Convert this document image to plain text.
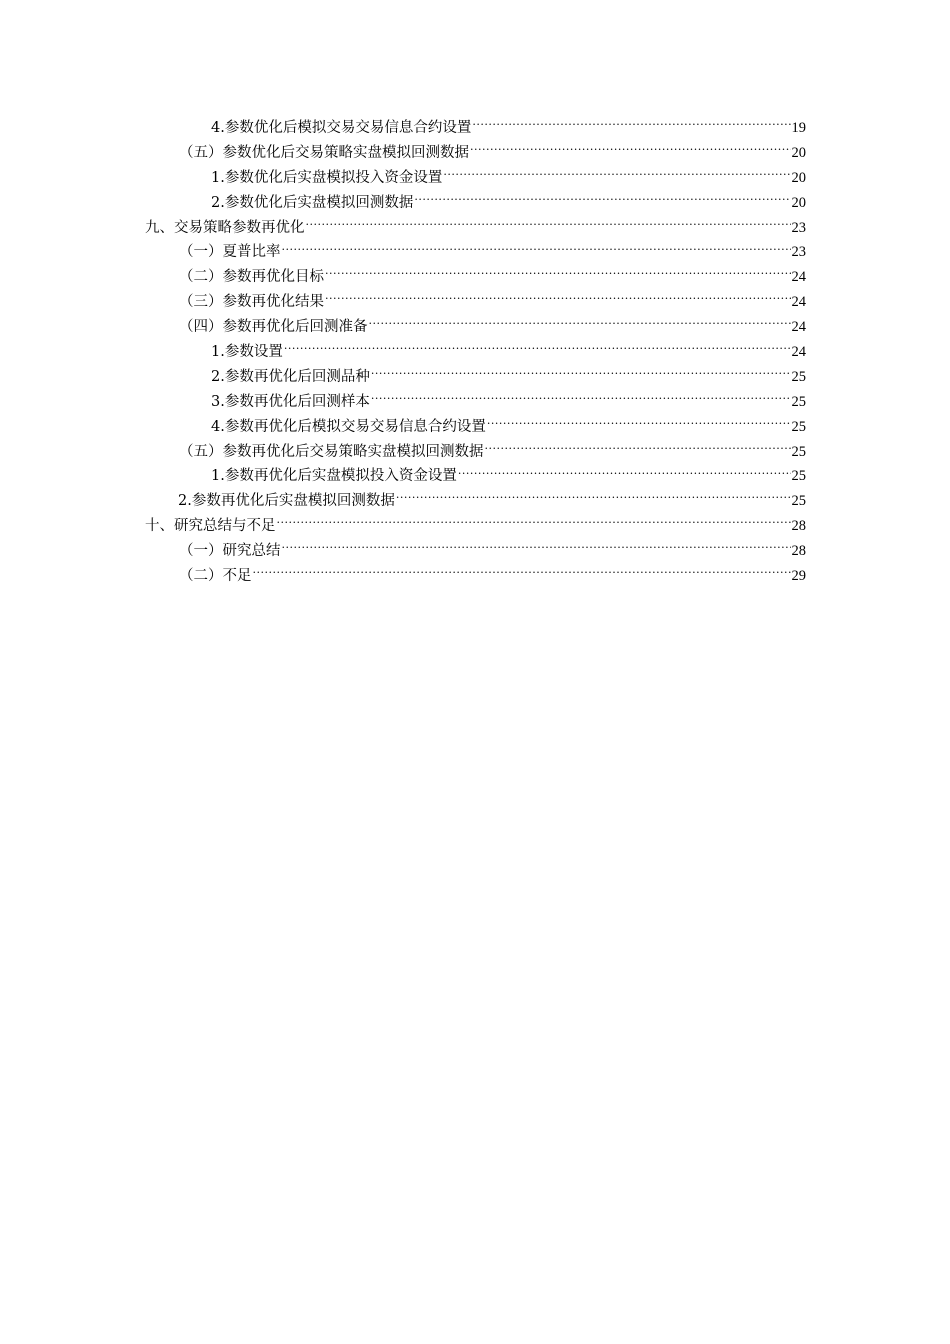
4.参数优化后模拟交易交易信息合约设置 .....	19
（五）参数优化后交易策略实盘模拟回测数据 .....	20
1.参数优化后实盘模拟投入资金设置 .....	20
2.参数优化后实盘模拟回测数据 .....	20
九、交易策略参数再优化 .....	23
（一）夏普比率 .....	23
（二）参数再优化目标 .....	24
（三）参数再优化结果 .....	24
（四）参数再优化后回测准备 .....	24
1.参数设置 .....	24
2.参数再优化后回测品种 .....	25
3.参数再优化后回测样本 .....	25
4.参数再优化后模拟交易交易信息合约设置 .....	25
（五）参数再优化后交易策略实盘模拟回测数据 .....	25
1.参数再优化后实盘模拟投入资金设置 .....	25
2.参数再优化后实盘模拟回测数据 .....	25
十、研究总结与不足 .....	28
（一）研究总结 .....	28
（二）不足 .....	29
